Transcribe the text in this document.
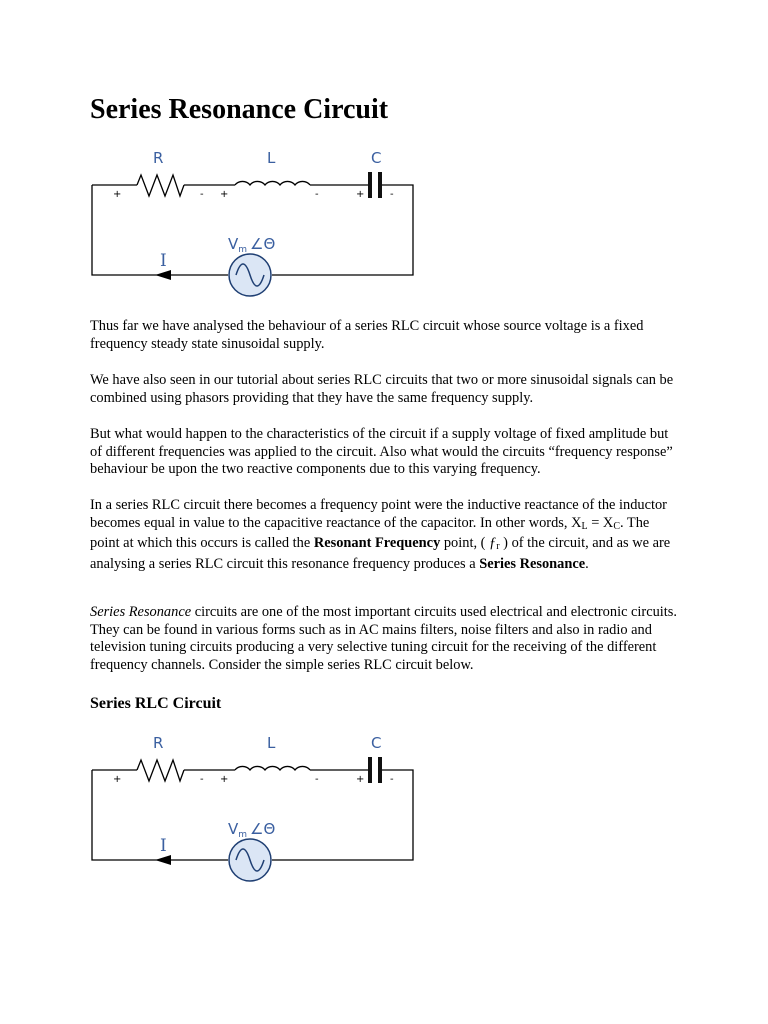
Series Resonance Circuit
R	L	C
+	- +	-	+	-
$V_m$ ∠Θ
I

Thus far we have analysed the behaviour of a series RLC circuit whose source voltage is a fixed frequency steady state sinusoidal supply.

We have also seen in our tutorial about series RLC circuits that two or more sinusoidal signals can be combined using phasors providing that they have the same frequency supply.

But what would happen to the characteristics of the circuit if a supply voltage of fixed amplitude but of different frequencies was applied to the circuit. Also what would the circuits “frequency response” behaviour be upon the two reactive components due to this varying frequency.

In a series RLC circuit there becomes a frequency point were the inductive reactance of the inductor becomes equal in value to the capacitive reactance of the capacitor. In other words, $X_L = X_C$. The point at which this occurs is called the Resonant Frequency point, ( $ƒ_r$ ) of the circuit, and as we are analysing a series RLC circuit this resonance frequency produces a Series Resonance.

Series Resonance circuits are one of the most important circuits used electrical and electronic circuits. They can be found in various forms such as in AC mains filters, noise filters and also in radio and television tuning circuits producing a very selective tuning circuit for the receiving of the different frequency channels. Consider the simple series RLC circuit below.

Series RLC Circuit
R	L	C
+	- +	-	+	-
$V_m$ ∠Θ
I
